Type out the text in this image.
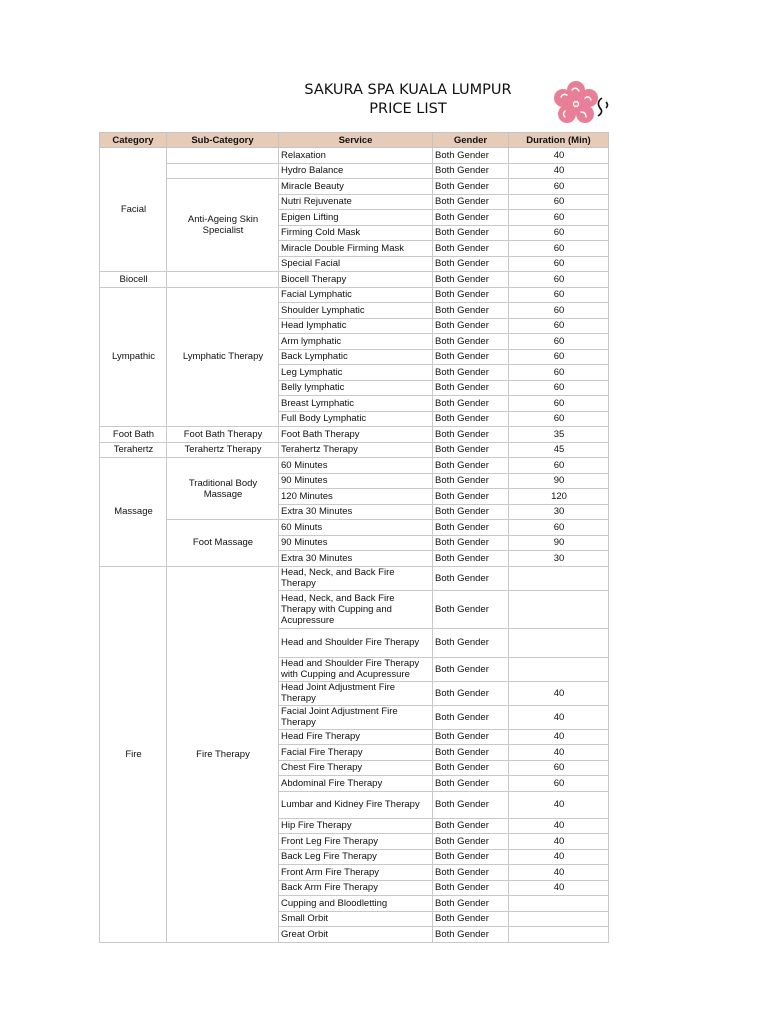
SAKURA SPA KUALA LUMPUR
PRICE LIST
Category	Sub-Category	Service	Gender	Duration (Min)
Facial		Relaxation	Both Gender	40
		Hydro Balance	Both Gender	40
	Anti-Ageing Skin Specialist	Miracle Beauty	Both Gender	60
		Nutri Rejuvenate	Both Gender	60
		Epigen Lifting	Both Gender	60
		Firming Cold Mask	Both Gender	60
		Miracle Double Firming Mask	Both Gender	60
		Special Facial	Both Gender	60
Biocell		Biocell Therapy	Both Gender	60
Lympathic	Lymphatic Therapy	Facial Lymphatic	Both Gender	60
		Shoulder Lymphatic	Both Gender	60
		Head lymphatic	Both Gender	60
		Arm lymphatic	Both Gender	60
		Back Lymphatic	Both Gender	60
		Leg Lymphatic	Both Gender	60
		Belly lymphatic	Both Gender	60
		Breast Lymphatic	Both Gender	60
		Full Body Lymphatic	Both Gender	60
Foot Bath	Foot Bath Therapy	Foot Bath Therapy	Both Gender	35
Terahertz	Terahertz Therapy	Terahertz Therapy	Both Gender	45
Massage	Traditional Body Massage	60 Minutes	Both Gender	60
		90 Minutes	Both Gender	90
		120 Minutes	Both Gender	120
		Extra 30 Minutes	Both Gender	30
	Foot Massage	60 Minuts	Both Gender	60
		90 Minutes	Both Gender	90
		Extra 30 Minutes	Both Gender	30
Fire	Fire Therapy	Head, Neck, and Back Fire Therapy	Both Gender	
		Head, Neck, and Back Fire Therapy with Cupping and Acupressure	Both Gender	
		Head and Shoulder Fire Therapy	Both Gender	
		Head and Shoulder Fire Therapy with Cupping and Acupressure	Both Gender	
		Head Joint Adjustment Fire Therapy	Both Gender	40
		Facial Joint Adjustment Fire Therapy	Both Gender	40
		Head Fire Therapy	Both Gender	40
		Facial Fire Therapy	Both Gender	40
		Chest Fire Therapy	Both Gender	60
		Abdominal Fire Therapy	Both Gender	60
		Lumbar and Kidney Fire Therapy	Both Gender	40
		Hip Fire Therapy	Both Gender	40
		Front Leg Fire Therapy	Both Gender	40
		Back Leg Fire Therapy	Both Gender	40
		Front Arm Fire Therapy	Both Gender	40
		Back Arm Fire Therapy	Both Gender	40
		Cupping and Bloodletting	Both Gender	
		Small Orbit	Both Gender	
		Great Orbit	Both Gender	
